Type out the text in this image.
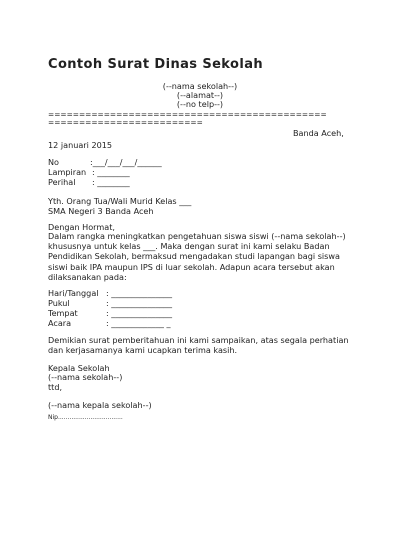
Contoh Surat Dinas Sekolah
(--nama sekolah--)
(--alamat--)
(--no telp--)
=============================================
=========================
Banda Aceh,
12 januari 2015
No	:___/___/___/______
Lampiran : ________
Perihal : ________
Yth. Orang Tua/Wali Murid Kelas ___
SMA Negeri 3 Banda Aceh
Dengan Hormat,
Dalam rangka meningkatkan pengetahuan siswa siswi (--nama sekolah--) khususnya untuk kelas ___. Maka dengan surat ini kami selaku Badan Pendidikan Sekolah, bermaksud mengadakan studi lapangan bagi siswa siswi baik IPA maupun IPS di luar sekolah. Adapun acara tersebut akan dilaksanakan pada:
Hari/Tanggal : _______________
Pukul	: _______________
Tempat	: _______________
Acara	: _____________ _
Demikian surat pemberitahuan ini kami sampaikan, atas segala perhatian dan kerjasamanya kami ucapkan terima kasih.
Kepala Sekolah
(--nama sekolah--)
ttd,
(--nama kepala sekolah--)
Nip..................................
